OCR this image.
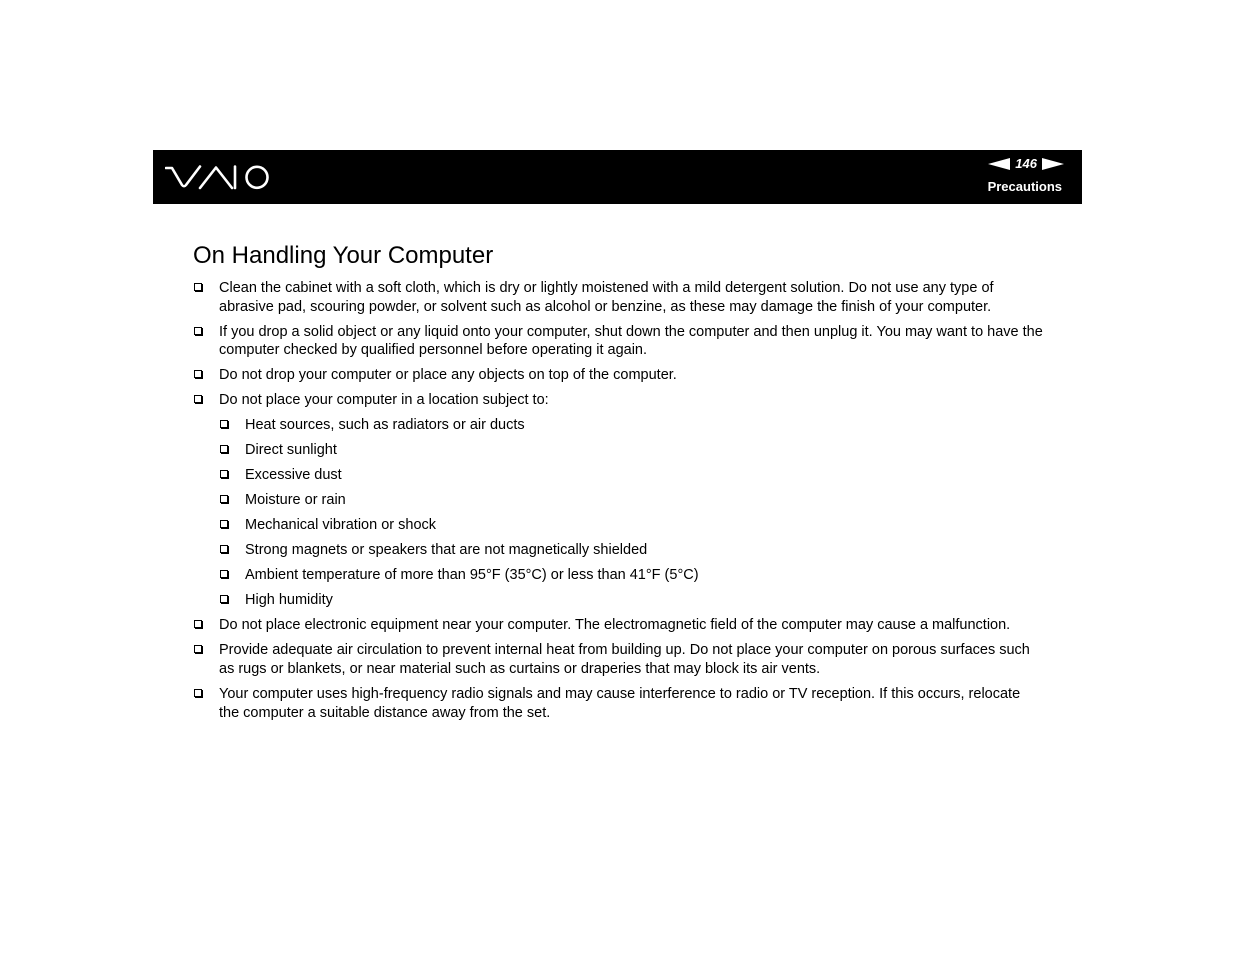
146
Precautions
On Handling Your Computer
Clean the cabinet with a soft cloth, which is dry or lightly moistened with a mild detergent solution. Do not use any type of abrasive pad, scouring powder, or solvent such as alcohol or benzine, as these may damage the finish of your computer.
If you drop a solid object or any liquid onto your computer, shut down the computer and then unplug it. You may want to have the computer checked by qualified personnel before operating it again.
Do not drop your computer or place any objects on top of the computer.
Do not place your computer in a location subject to:
Heat sources, such as radiators or air ducts
Direct sunlight
Excessive dust
Moisture or rain
Mechanical vibration or shock
Strong magnets or speakers that are not magnetically shielded
Ambient temperature of more than 95°F (35°C) or less than 41°F (5°C)
High humidity
Do not place electronic equipment near your computer. The electromagnetic field of the computer may cause a malfunction.
Provide adequate air circulation to prevent internal heat from building up. Do not place your computer on porous surfaces such as rugs or blankets, or near material such as curtains or draperies that may block its air vents.
Your computer uses high-frequency radio signals and may cause interference to radio or TV reception. If this occurs, relocate the computer a suitable distance away from the set.
